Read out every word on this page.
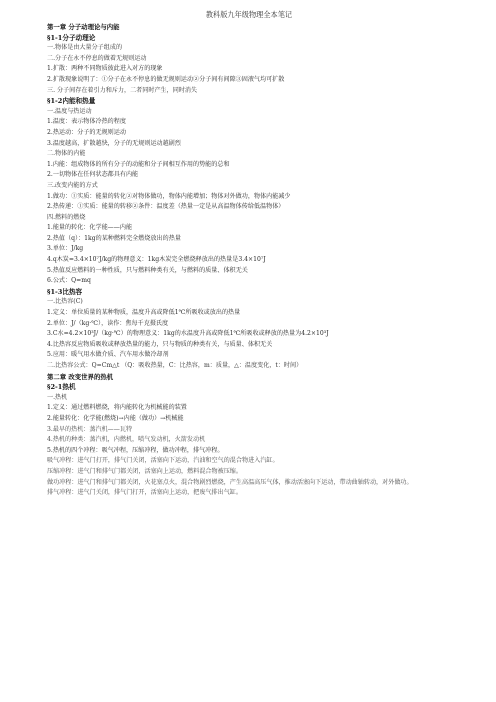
教科版九年级物理全本笔记
第一章 分子动理论与内能
§1-1分子动理论
一.物体是由大量分子组成的
二.分子在永不停息的做着无规则运动
1.扩散：两种不同物质彼此进入对方的现象
2.扩散现象说明了：①分子在永不停息的做无规则运动②分子间有间隙③固液气均可扩散
三. 分子间存在着引力和斥力，二者同时产生，同时消失
§1-2内能和热量
一.温度与热运动
1.温度：表示物体冷热的程度
2.热运动：分子的无规则运动
3.温度越高，扩散越快，分子的无规则运动越剧烈
二.物体的内能
1.内能：组成物体的所有分子的动能和分子间相互作用的势能的总和
2.一切物体在任何状态都具有内能
三.改变内能的方式
1.做功：①实质：能量的转化②对物体做功，物体内能增加；物体对外做功，物体内能减少
2.热传递：①实质：能量的转移②条件：温度差（热量一定是从高温物体传给低温物体）
四.燃料的燃烧
1.能量的转化：化学能——内能
2.热值（q）：1kg的某种燃料完全燃烧放出的热量
3.单位：J/kg
4.q木炭=3.4×10⁷J/kg的物理意义：1kg木炭完全燃烧释放出的热量是3.4×10⁷J
5.热值反应燃料的一种性质，只与燃料种类有关，与燃料的质量、体积无关
6.公式：Q=mq
§1-3比热容
一.比热容(C)
1.定义：单位质量的某种物质，温度升高或降低1℃所吸收或放出的热量
2.单位：J/（kg·℃），读作：焦每千克摄氏度
3.C水=4.2×10³J/（kg·℃）的物理意义：1kg的水温度升高或降低1℃所吸收或释放的热量为4.2×10³J
4.比热容反应物质吸收或释放热量的能力，只与物质的种类有关，与质量、体积无关
5.应用：暖气用水做介质、汽车用水做冷却剂
二.比热容公式：Q=Cm△t （Q：吸收热量，C：比热容，m：质量，△：温度变化，t：时间）
第二章 改变世界的热机
§2-1热机
一.热机
1.定义：通过燃料燃烧，将内能转化为机械能的装置
2.能量转化：化学能(燃烧)→内能（做功）→机械能
3.最早的热机：蒸汽机——瓦特
4.热机的种类：蒸汽机，内燃机，喷气发动机，火箭发动机
5.热机的四个冲程：吸气冲程，压缩冲程，做功冲程，排气冲程。
吸气冲程：进气门打开，排气门关闭，活塞向下运动，汽油和空气的混合物进入汽缸。
压缩冲程：进气门和排气门都关闭，活塞向上运动，燃料混合物被压缩。
做功冲程：进气门和排气门都关闭，火花塞点火，混合物剧烈燃烧，产生高温高压气体，推动活塞向下运动，带动曲轴转动，对外做功。
排气冲程：进气门关闭，排气门打开，活塞向上运动，把废气排出气缸。
